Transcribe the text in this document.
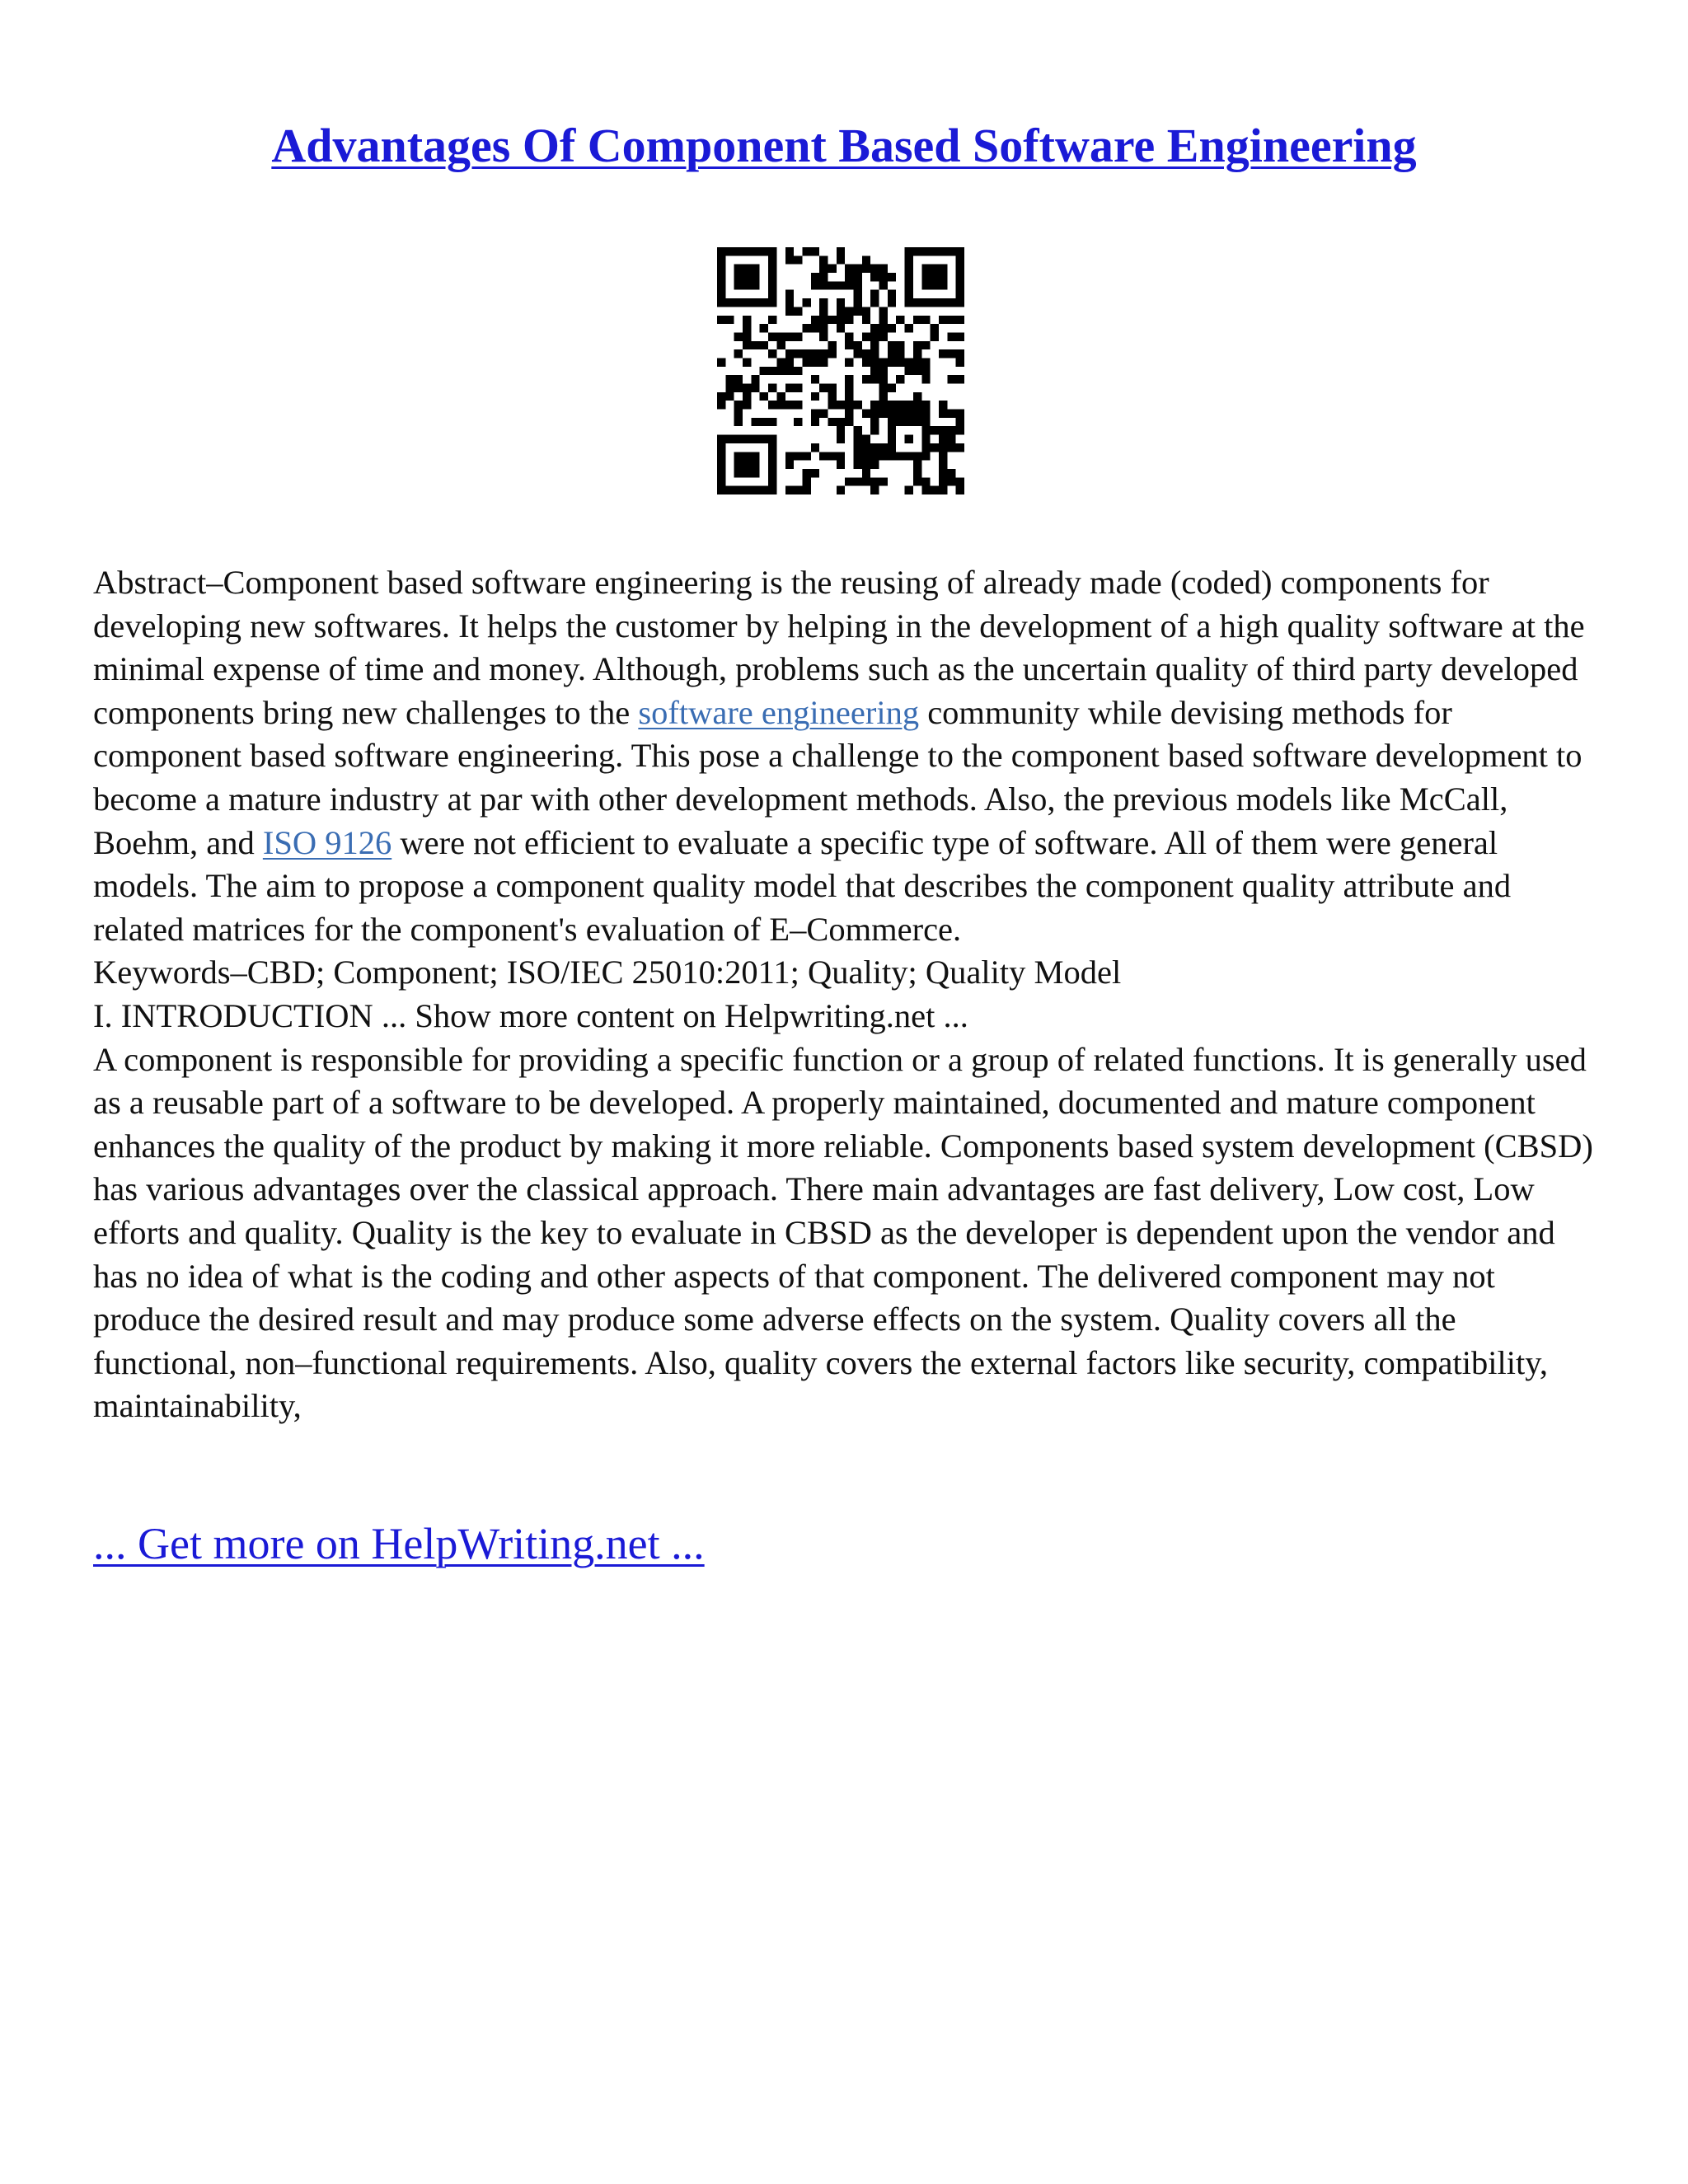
Advantages Of Component Based Software Engineering

Abstract–Component based software engineering is the reusing of already made (coded) components for developing new softwares. It helps the customer by helping in the development of a high quality software at the minimal expense of time and money. Although, problems such as the uncertain quality of third party developed components bring new challenges to the software engineering community while devising methods for component based software engineering. This pose a challenge to the component based software development to become a mature industry at par with other development methods. Also, the previous models like McCall, Boehm, and ISO 9126 were not efficient to evaluate a specific type of software. All of them were general models. The aim to propose a component quality model that describes the component quality attribute and related matrices for the component's evaluation of E–Commerce.

Keywords–CBD; Component; ISO/IEC 25010:2011; Quality; Quality Model

I. INTRODUCTION ... Show more content on Helpwriting.net ...

A component is responsible for providing a specific function or a group of related functions. It is generally used as a reusable part of a software to be developed. A properly maintained, documented and mature component enhances the quality of the product by making it more reliable. Components based system development (CBSD) has various advantages over the classical approach. There main advantages are fast delivery, Low cost, Low efforts and quality. Quality is the key to evaluate in CBSD as the developer is dependent upon the vendor and has no idea of what is the coding and other aspects of that component. The delivered component may not produce the desired result and may produce some adverse effects on the system. Quality covers all the functional, non–functional requirements. Also, quality covers the external factors like security, compatibility, maintainability,

... Get more on HelpWriting.net ...
